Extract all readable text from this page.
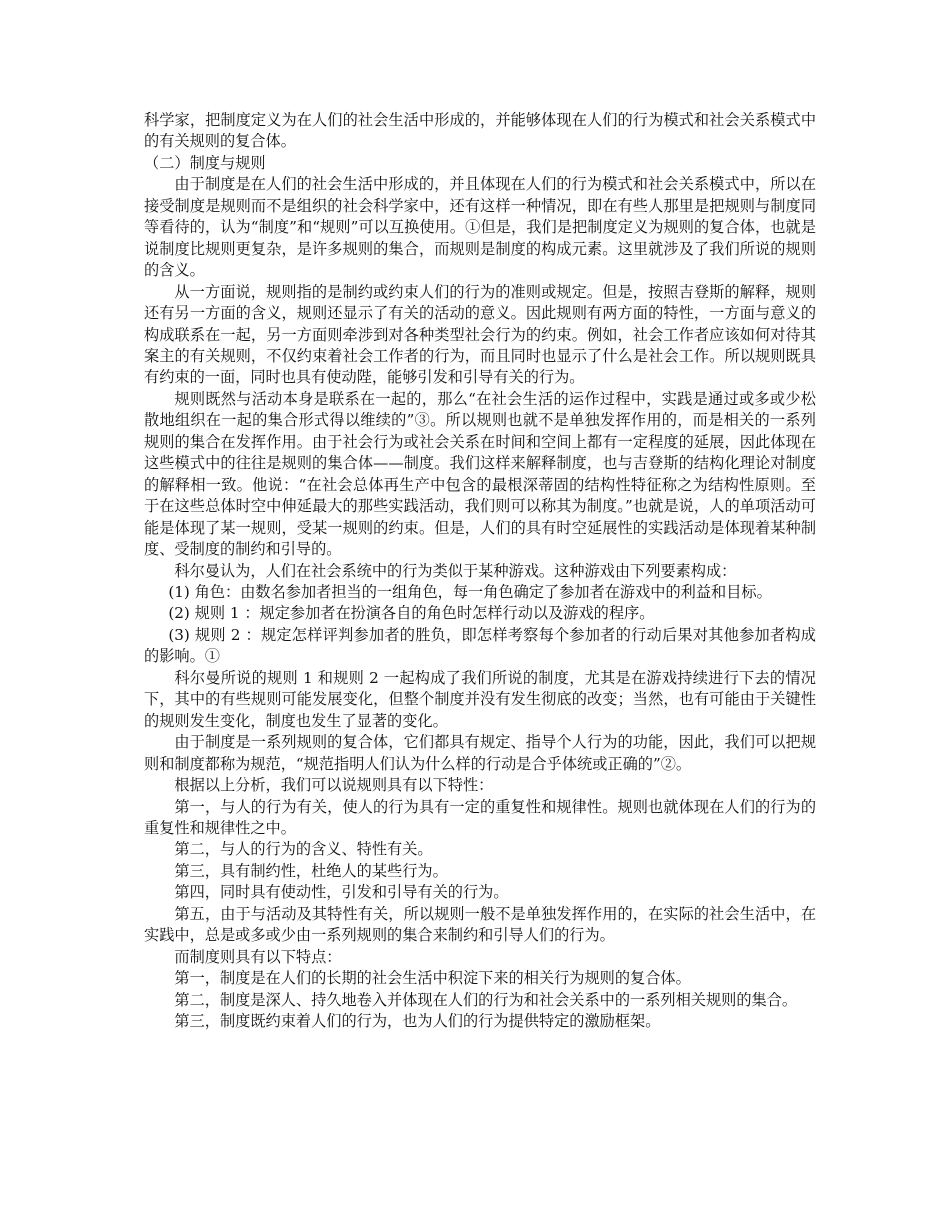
科学家，把制度定义为在人们的社会生活中形成的，并能够体现在人们的行为模式和社会关系模式中的有关规则的复合体。

（二）制度与规则

由于制度是在人们的社会生活中形成的，并且体现在人们的行为模式和社会关系模式中，所以在接受制度是规则而不是组织的社会科学家中，还有这样一种情况，即在有些人那里是把规则与制度同等看待的，认为“制度”和“规则”可以互换使用。①但是，我们是把制度定义为规则的复合体，也就是说制度比规则更复杂，是许多规则的集合，而规则是制度的构成元素。这里就涉及了我们所说的规则的含义。

从一方面说，规则指的是制约或约束人们的行为的准则或规定。但是，按照吉登斯的解释，规则还有另一方面的含义，规则还显示了有关的活动的意义。因此规则有两方面的特性，一方面与意义的构成联系在一起，另一方面则牵涉到对各种类型社会行为的约束。例如，社会工作者应该如何对待其案主的有关规则，不仅约束着社会工作者的行为，而且同时也显示了什么是社会工作。所以规则既具有约束的一面，同时也具有使动陛，能够引发和引导有关的行为。

规则既然与活动本身是联系在一起的，那么“在社会生活的运作过程中，实践是通过或多或少松散地组织在一起的集合形式得以维续的”③。所以规则也就不是单独发挥作用的，而是相关的一系列规则的集合在发挥作用。由于社会行为或社会关系在时间和空间上都有一定程度的延展，因此体现在这些模式中的往往是规则的集合体——制度。我们这样来解释制度，也与吉登斯的结构化理论对制度的解释相一致。他说：“在社会总体再生产中包含的最根深蒂固的结构性特征称之为结构性原则。至于在这些总体时空中伸延最大的那些实践活动，我们则可以称其为制度。”也就是说，人的单项活动可能是体现了某一规则，受某一规则的约束。但是，人们的具有时空延展性的实践活动是体现着某种制度、受制度的制约和引导的。

科尔曼认为，人们在社会系统中的行为类似于某种游戏。这种游戏由下列要素构成：

(1) 角色：由数名参加者担当的一组角色，每一角色确定了参加者在游戏中的利益和目标。

(2) 规则 1 ：规定参加者在扮演各自的角色时怎样行动以及游戏的程序。

(3) 规则 2 ：规定怎样评判参加者的胜负，即怎样考察每个参加者的行动后果对其他参加者构成的影响。①

科尔曼所说的规则 1 和规则 2 一起构成了我们所说的制度，尤其是在游戏持续进行下去的情况下，其中的有些规则可能发展变化，但整个制度并没有发生彻底的改变；当然，也有可能由于关键性的规则发生变化，制度也发生了显著的变化。

由于制度是一系列规则的复合体，它们都具有规定、指导个人行为的功能，因此，我们可以把规则和制度都称为规范，“规范指明人们认为什么样的行动是合乎体统或正确的”②。

根据以上分析，我们可以说规则具有以下特性：

第一，与人的行为有关，使人的行为具有一定的重复性和规律性。规则也就体现在人们的行为的重复性和规律性之中。

第二，与人的行为的含义、特性有关。

第三，具有制约性，杜绝人的某些行为。

第四，同时具有使动性，引发和引导有关的行为。

第五，由于与活动及其特性有关，所以规则一般不是单独发挥作用的，在实际的社会生活中，在实践中，总是或多或少由一系列规则的集合来制约和引导人们的行为。

而制度则具有以下特点：

第一，制度是在人们的长期的社会生活中积淀下来的相关行为规则的复合体。

第二，制度是深人、持久地卷入并体现在人们的行为和社会关系中的一系列相关规则的集合。

第三，制度既约束着人们的行为，也为人们的行为提供特定的激励框架。
